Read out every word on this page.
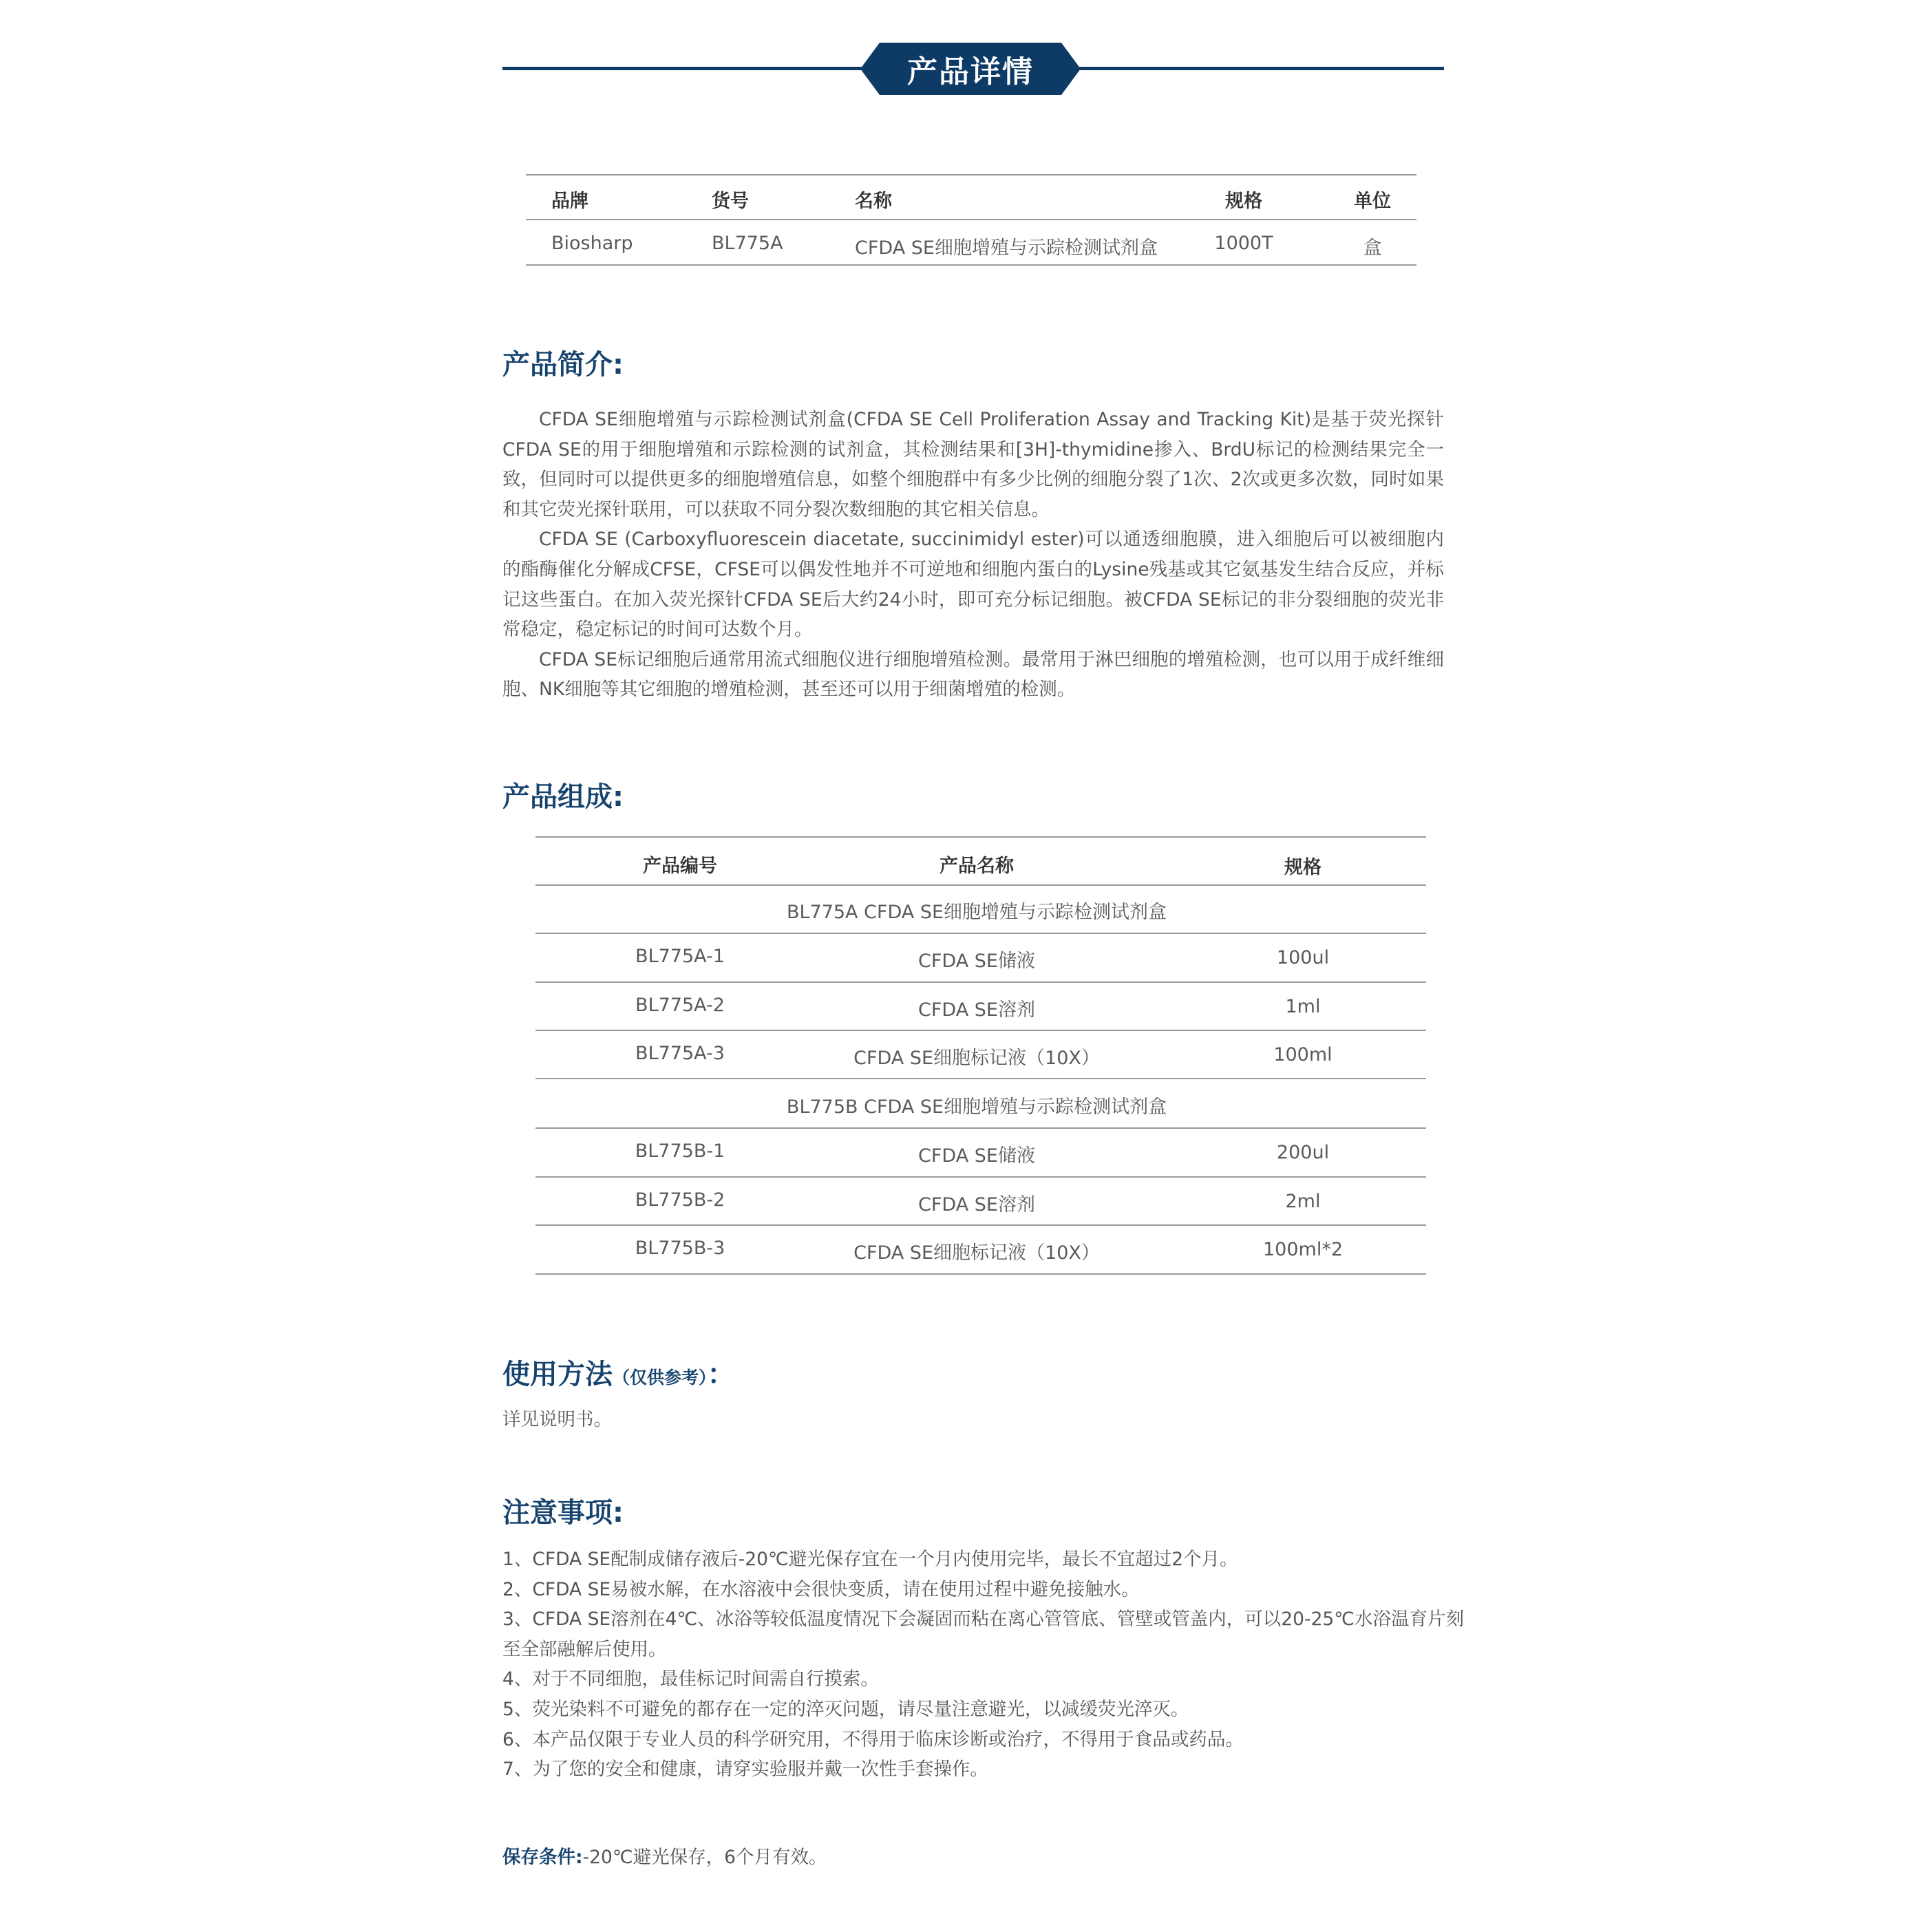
产品详情
品牌	货号	名称	规格	单位
Biosharp	BL775A	CFDA SE细胞增殖与示踪检测试剂盒	1000T	盒
产品简介:

CFDA SE细胞增殖与示踪检测试剂盒(CFDA SE Cell Proliferation Assay and Tracking Kit)是基于荧光探针CFDA SE的用于细胞增殖和示踪检测的试剂盒，其检测结果和[3H]-thymidine掺入、BrdU标记的检测结果完全一致，但同时可以提供更多的细胞增殖信息，如整个细胞群中有多少比例的细胞分裂了1次、2次或更多次数，同时如果和其它荧光探针联用，可以获取不同分裂次数细胞的其它相关信息。

CFDA SE (Carboxyfluorescein diacetate, succinimidyl ester)可以通透细胞膜，进入细胞后可以被细胞内的酯酶催化分解成CFSE，CFSE可以偶发性地并不可逆地和细胞内蛋白的Lysine残基或其它氨基发生结合反应，并标记这些蛋白。在加入荧光探针CFDA SE后大约24小时，即可充分标记细胞。被CFDA SE标记的非分裂细胞的荧光非常稳定，稳定标记的时间可达数个月。

CFDA SE标记细胞后通常用流式细胞仪进行细胞增殖检测。最常用于淋巴细胞的增殖检测，也可以用于成纤维细胞、NK细胞等其它细胞的增殖检测，甚至还可以用于细菌增殖的检测。

产品组成:
产品编号	产品名称	规格
BL775A CFDA SE细胞增殖与示踪检测试剂盒
BL775A-1	CFDA SE储液	100ul
BL775A-2	CFDA SE溶剂	1ml
BL775A-3	CFDA SE细胞标记液（10X）	100ml
BL775B CFDA SE细胞增殖与示踪检测试剂盒
BL775B-1	CFDA SE储液	200ul
BL775B-2	CFDA SE溶剂	2ml
BL775B-3	CFDA SE细胞标记液（10X）	100ml*2
使用方法（仅供参考）：
详见说明书。
注意事项:
1、CFDA SE配制成储存液后-20℃避光保存宜在一个月内使用完毕，最长不宜超过2个月。
2、CFDA SE易被水解，在水溶液中会很快变质，请在使用过程中避免接触水。
3、CFDA SE溶剂在4℃、冰浴等较低温度情况下会凝固而粘在离心管管底、管壁或管盖内，可以20-25℃水浴温育片刻
至全部融解后使用。
4、对于不同细胞，最佳标记时间需自行摸索。
5、荧光染料不可避免的都存在一定的淬灭问题，请尽量注意避光，以减缓荧光淬灭。
6、本产品仅限于专业人员的科学研究用，不得用于临床诊断或治疗，不得用于食品或药品。
7、为了您的安全和健康，请穿实验服并戴一次性手套操作。
保存条件:-20℃避光保存，6个月有效。
